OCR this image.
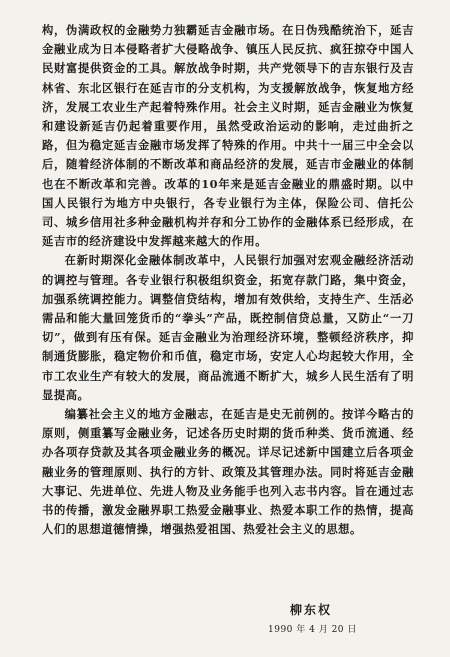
构，伪满政权的金融势力独霸延吉金融市场。在日伪残酷统治下，延吉金融业成为日本侵略者扩大侵略战争、镇压人民反抗、疯狂掠夺中国人民财富提供资金的工具。解放战争时期，共产党领导下的吉东银行及吉林省、东北区银行在延吉市的分支机构，为支援解放战争，恢复地方经济，发展工农业生产起着特殊作用。社会主义时期，延吉金融业为恢复和建设新延吉仍起着重要作用，虽然受政治运动的影响，走过曲折之路，但为稳定延吉金融市场发挥了特殊的作用。中共十一届三中全会以后，随着经济体制的不断改革和商品经济的发展，延吉市金融业的体制也在不断改革和完善。改革的10年来是延吉金融业的鼎盛时期。以中国人民银行为地方中央银行，各专业银行为主体，保险公司、信托公司、城乡信用社多种金融机构并存和分工协作的金融体系已经形成，在延吉市的经济建设中发挥越来越大的作用。

在新时期深化金融体制改革中，人民银行加强对宏观金融经济活动的调控与管理。各专业银行积极组织资金，拓宽存款门路，集中资金，加强系统调控能力。调整信贷结构，增加有效供给，支持生产、生活必需品和能大量回笼货币的“拳头”产品，既控制信贷总量，又防止“一刀切”，做到有压有保。延吉金融业为治理经济环境，整顿经济秩序，抑制通货膨胀，稳定物价和币值，稳定市场，安定人心均起较大作用，全市工农业生产有较大的发展，商品流通不断扩大，城乡人民生活有了明显提高。

编纂社会主义的地方金融志，在延吉是史无前例的。按详今略古的原则，侧重纂写金融业务，记述各历史时期的货币种类、货币流通、经办各项存贷款及其各项金融业务的概况。详尽记述新中国建立后各项金融业务的管理原则、执行的方针、政策及其管理办法。同时将延吉金融大事记、先进单位、先进人物及业务能手也列入志书内容。旨在通过志书的传播，激发金融界职工热爱金融事业、热爱本职工作的热情，提高人们的思想道德情操，增强热爱祖国、热爱社会主义的思想。

柳东权
1990 年 4 月 20 日
